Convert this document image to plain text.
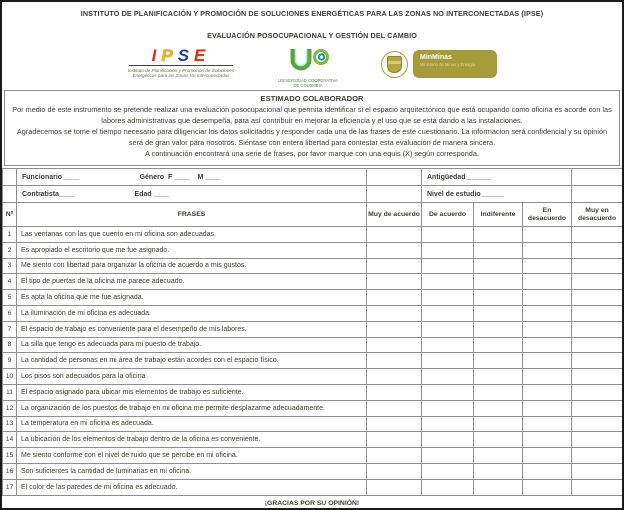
INSTITUTO DE PLANIFICACIÓN Y PROMOCIÓN DE SOLUCIONES ENERGÉTICAS PARA LAS ZONAS NO INTERCONECTADAS (IPSE)
EVALUACIÓN POSOCUPACIONAL Y GESTIÓN DEL CAMBIO
IPSE
Instituto de Planificación y Promoción de Soluciones Energéticas para las Zonas No Interconectadas
UNIVERSIDAD COOPERATIVA
DE COLOMBIA
MinMinas
Ministerio de Minas y Energía
ESTIMADO COLABORADOR

Por medio de este instrumento se pretende realizar una evaluación posocupacional que permita identificar si el espacio arquitectónico que está ocupando como oficina es acorde con las labores administrativas que desempeña, para así contribuir en mejorar la eficiencia y el uso que se está dando a las instalaciones.

Agradecemos se tome el tiempo necesario para diligenciar los datos solicitados y responder cada una de las frases de este cuestionario. La informacion será confidencial y su opinión será de gran valor para nosotros. Siéntase con entera libertad para contestar esta evaluación de manera sincera.

A continuación encontrará una serie de frases, por favor marque con una equis (X) según corresponda.

	Funcionario ____ Género  F ____    M ____		Antigüedad ______			
	Contratista____ Edad ____		Nivel de estudio______			
Nº	FRASES	Muy de acuerdo	De acuerdo	Indiferente	En desacuerdo	Muy en desacuerdo
1	Las ventanas con las que cuento en mi oficina son adecuadas.					
2	Es apropiado el escritorio que me fue asignado.					
3	Me siento con libertad para organizar la oficina de acuerdo a mis gustos.					
4	El tipo de puertas de la oficina me parece adecuado.					
5	Es apta la oficina que me fue asignada.					
6	La iluminación de mi oficina es adecuada.					
7	El espacio de trabajo es conveniente para el desempeño de mis labores.					
8	La silla que tengo es adecuada para mi puesto de trabajo.					
9	La cantidad de personas en mi área de trabajo están acordes con el espacio físico.					
10	Los pisos son adecuados para la oficina					
11	El espacio asignado para ubicar mis elementos de trabajo es suficiente.					
12	La organización de los puestos de trabajo en mi oficina me permite desplazarme adecuadamente.					
13	La temperatura en mi oficina es adecuada.					
14	La ubicación de los elementos de trabajo dentro de la oficina es conveniente.					
15	Me siento conforme con el nivel de ruido que se percibe en mi oficina.					
16	Son suficientes la cantidad de luminarias en mi oficina.					
17	El color de las paredes de mi oficina es adecuado.					
¡GRACIAS POR SU OPINIÓN!
